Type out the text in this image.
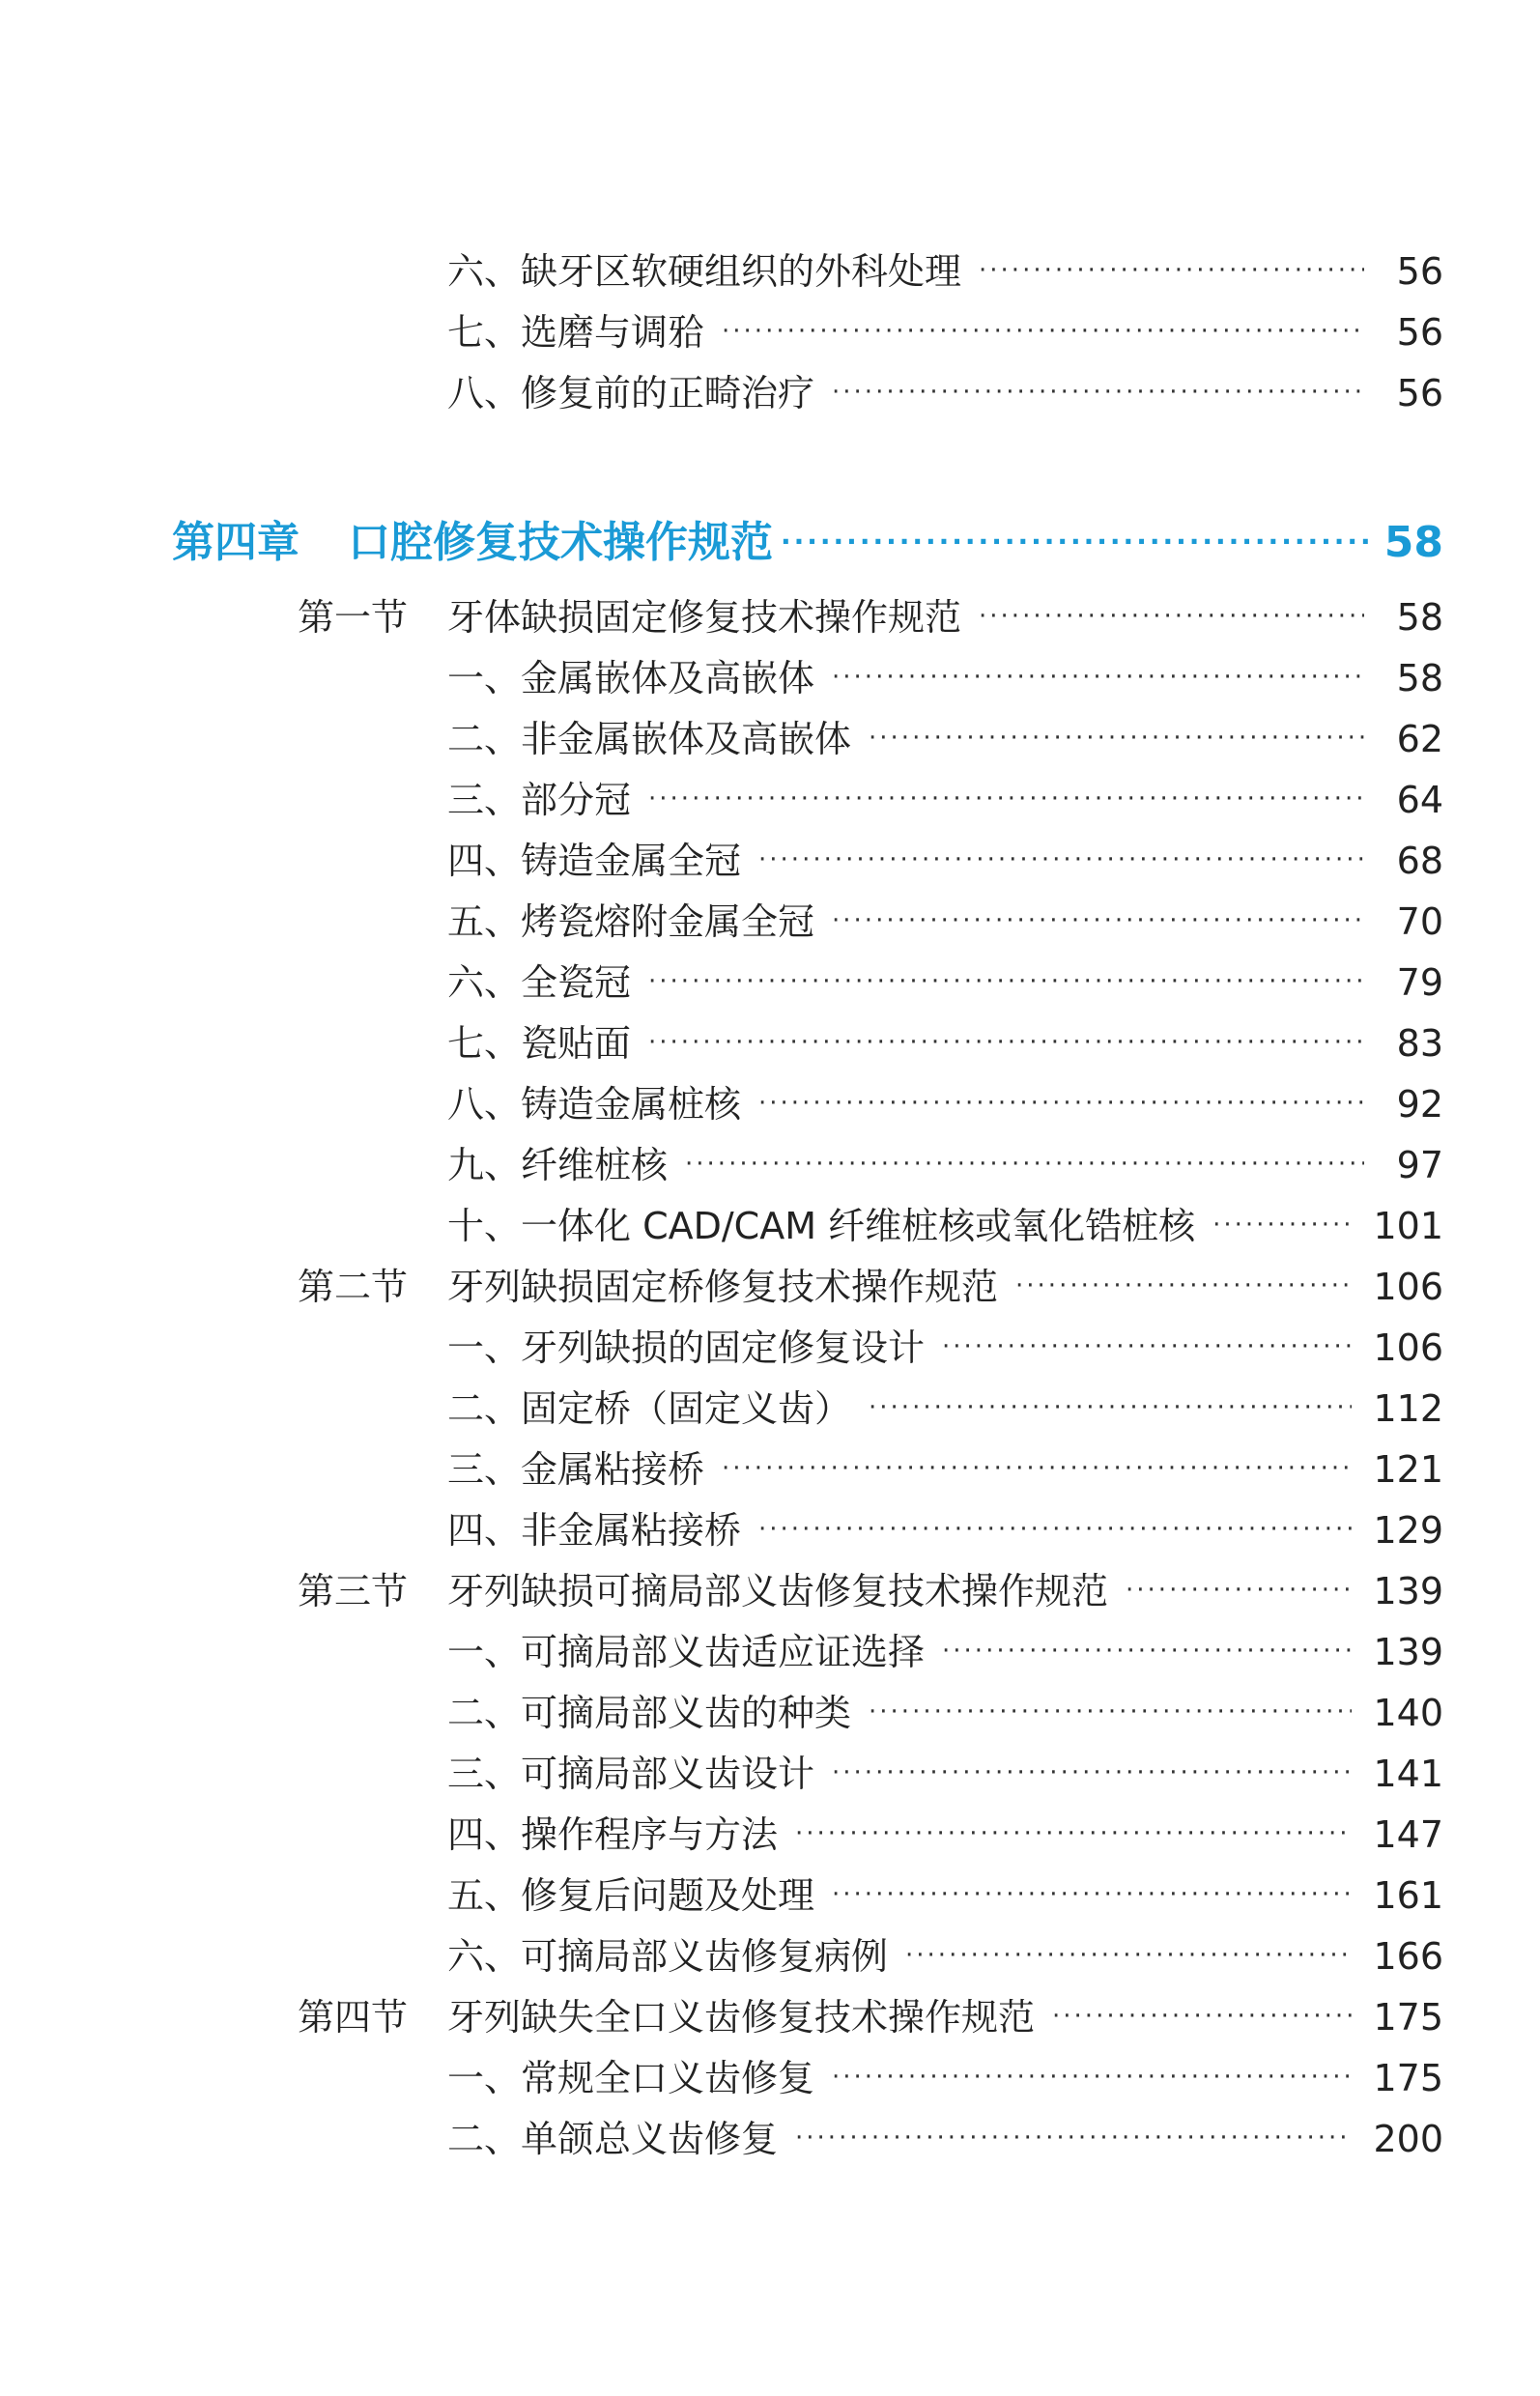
六、缺牙区软硬组织的外科处理 ·····	56
七、选磨与调𬌗 ·····	56
八、修复前的正畸治疗 ·····	56
第四章 口腔修复技术操作规范 ·····	58
第一节 牙体缺损固定修复技术操作规范 ·····	58
一、金属嵌体及高嵌体 ·····	58
二、非金属嵌体及高嵌体 ·····	62
三、部分冠 ·····	64
四、铸造金属全冠 ·····	68
五、烤瓷熔附金属全冠 ·····	70
六、全瓷冠 ·····	79
七、瓷贴面 ·····	83
八、铸造金属桩核 ·····	92
九、纤维桩核 ·····	97
十、一体化 CAD/CAM 纤维桩核或氧化锆桩核 ·····	101
第二节 牙列缺损固定桥修复技术操作规范 ·····	106
一、牙列缺损的固定修复设计 ·····	106
二、固定桥（固定义齿） ·····	112
三、金属粘接桥 ·····	121
四、非金属粘接桥 ·····	129
第三节 牙列缺损可摘局部义齿修复技术操作规范 ·····	139
一、可摘局部义齿适应证选择 ·····	139
二、可摘局部义齿的种类 ·····	140
三、可摘局部义齿设计 ·····	141
四、操作程序与方法 ·····	147
五、修复后问题及处理 ·····	161
六、可摘局部义齿修复病例 ·····	166
第四节 牙列缺失全口义齿修复技术操作规范 ·····	175
一、常规全口义齿修复 ·····	175
二、单颌总义齿修复 ·····	200
